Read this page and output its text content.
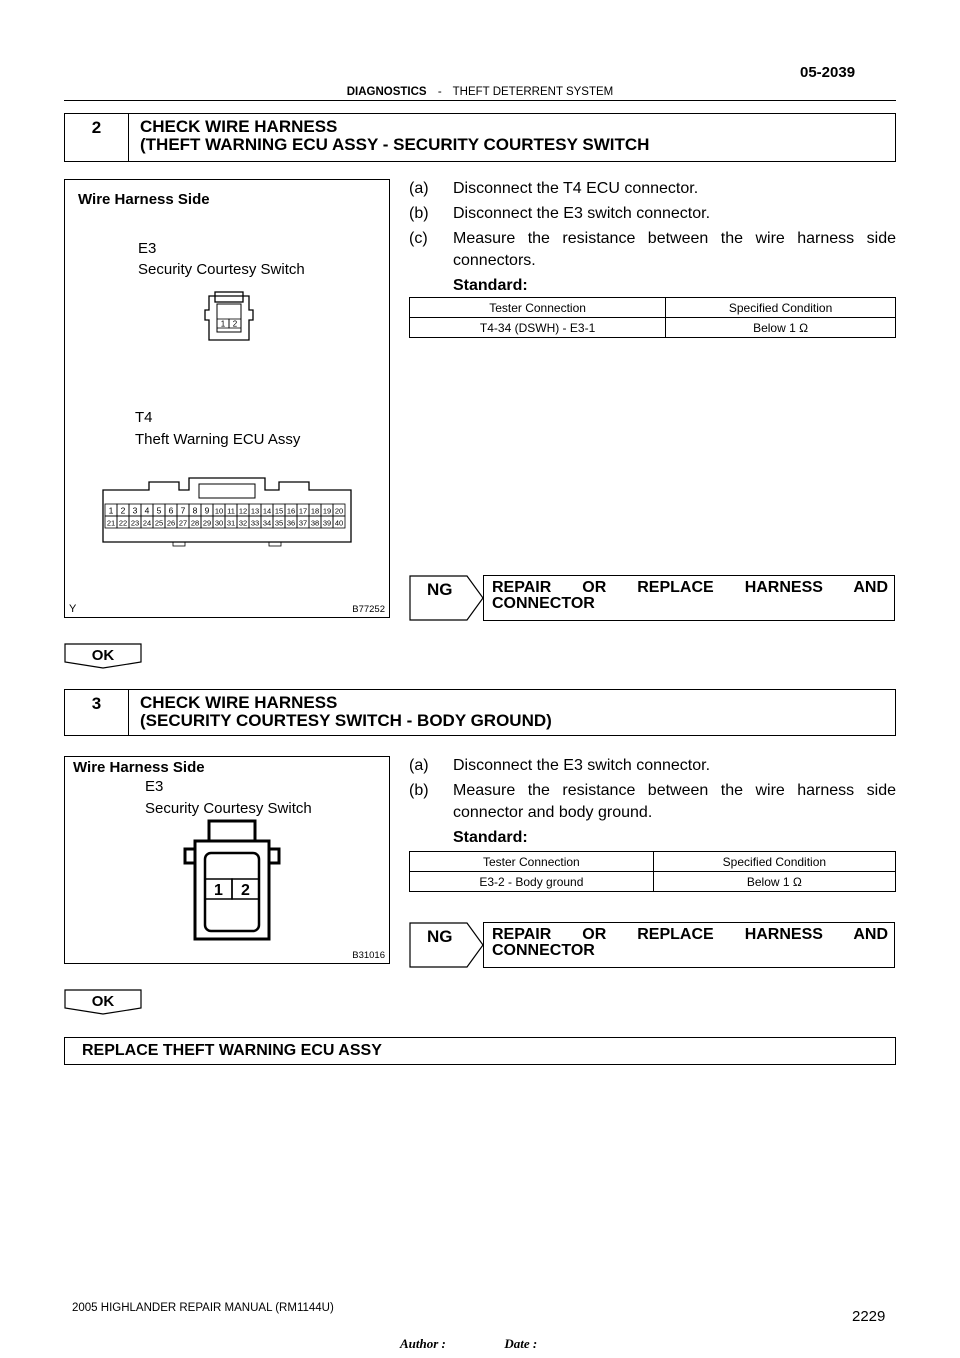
05-2039
DIAGNOSTICS - THEFT DETERRENT SYSTEM
2	CHECK WIRE HARNESS
(THEFT WARNING ECU ASSY - SECURITY COURTESY SWITCH
Wire Harness Side
E3
Security Courtesy Switch
1 2
T4
Theft Warning ECU Assy
1 2 3 4 5 6 7 8 9 10 11 12 13 14 15 16 17 18 19 20
21 22 23 24 25 26 27 28 29 30 31 32 33 34 35 36 37 38 39 40
B77252
Y
(a) Disconnect the T4 ECU connector.
(b) Disconnect the E3 switch connector.
(c) Measure the resistance between the wire harness side connectors.
Standard:
Tester Connection	Specified Condition
T4-34 (DSWH) - E3-1	Below 1 Ω
NG REPAIR OR REPLACE HARNESS AND
CONNECTOR
OK
3	CHECK WIRE HARNESS
(SECURITY COURTESY SWITCH - BODY GROUND)
Wire Harness Side
E3
Security Courtesy Switch
1 2
B31016
(a) Disconnect the E3 switch connector.
(b) Measure the resistance between the wire harness side connector and body ground.
Standard:
Tester Connection	Specified Condition
E3-2 - Body ground	Below 1 Ω
NG REPAIR OR REPLACE HARNESS AND
CONNECTOR
OK
REPLACE THEFT WARNING ECU ASSY
2229
2005 HIGHLANDER REPAIR MANUAL (RM1144U)
Author :	Date :
